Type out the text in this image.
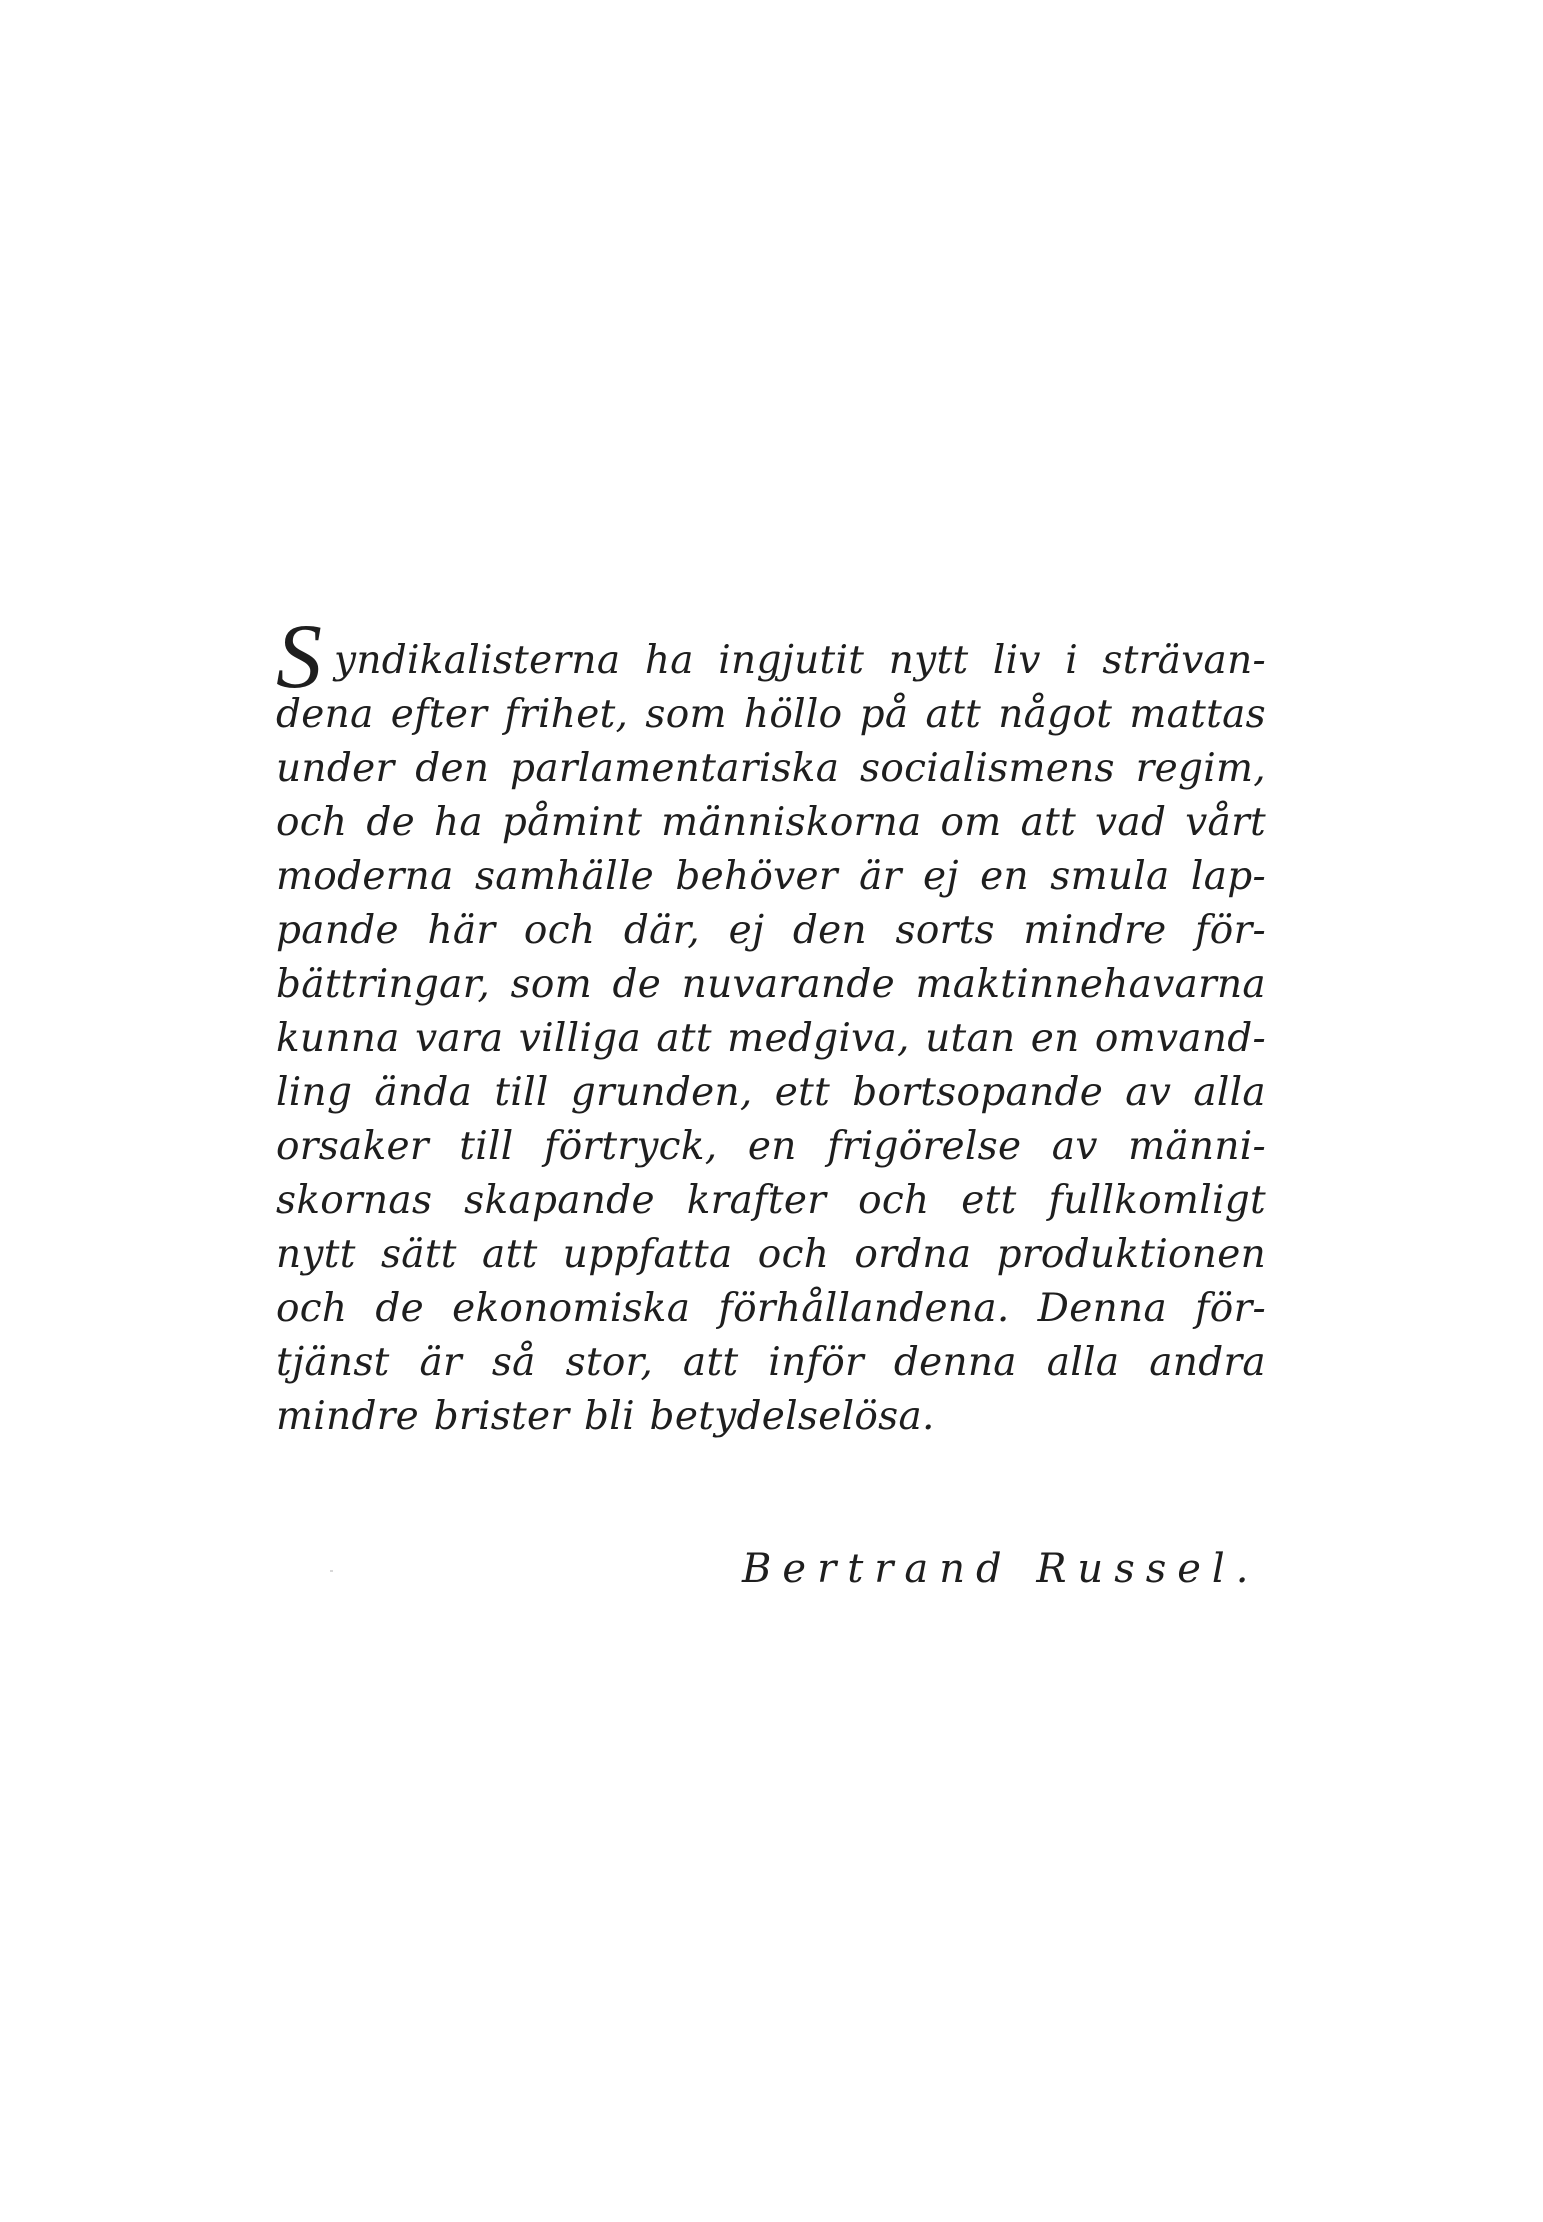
S yndikalisterna ha ingjutit nytt liv i strävan-
dena efter frihet, som höllo på att något mattas
under den parlamentariska socialismens regim,
och de ha påmint människorna om att vad vårt
moderna samhälle behöver är ej en smula lap-
pande här och där, ej den sorts mindre för-
bättringar, som de nuvarande maktinnehavarna
kunna vara villiga att medgiva, utan en omvand-
ling ända till grunden, ett bortsopande av alla
orsaker till förtryck, en frigörelse av männi-
skornas skapande krafter och ett fullkomligt
nytt sätt att uppfatta och ordna produktionen
och de ekonomiska förhållandena. Denna för-
tjänst är så stor, att inför denna alla andra
mindre brister bli betydelselösa.
Bertrand Russel.
